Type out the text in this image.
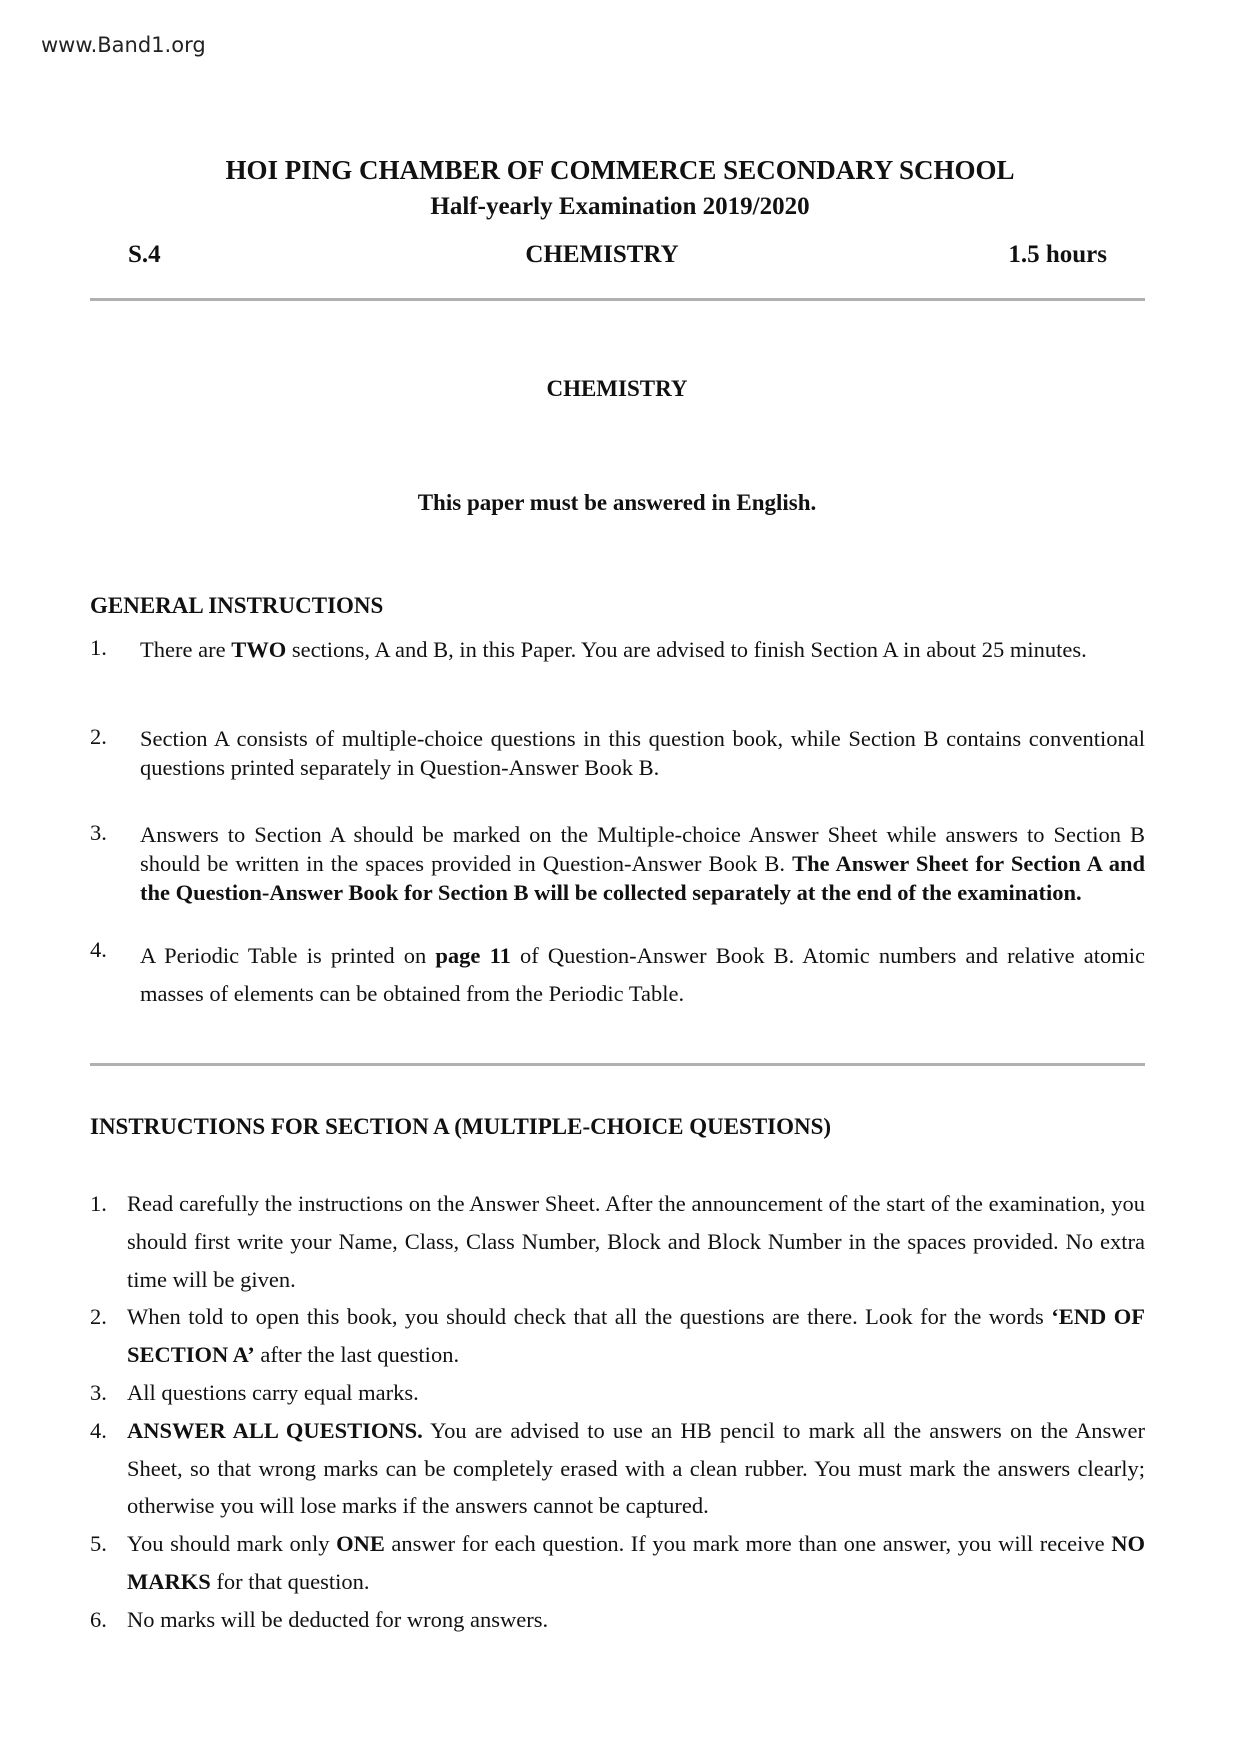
www.Band1.org
HOI PING CHAMBER OF COMMERCE SECONDARY SCHOOL
Half-yearly Examination 2019/2020
S.4	CHEMISTRY	1.5 hours
CHEMISTRY
This paper must be answered in English.
GENERAL INSTRUCTIONS
1. There are TWO sections, A and B, in this Paper. You are advised to finish Section A in about 25 minutes.
2. Section A consists of multiple-choice questions in this question book, while Section B contains conventional questions printed separately in Question-Answer Book B.
3. Answers to Section A should be marked on the Multiple-choice Answer Sheet while answers to Section B should be written in the spaces provided in Question-Answer Book B. The Answer Sheet for Section A and the Question-Answer Book for Section B will be collected separately at the end of the examination.
4. A Periodic Table is printed on page 11 of Question-Answer Book B. Atomic numbers and relative atomic masses of elements can be obtained from the Periodic Table.
INSTRUCTIONS FOR SECTION A (MULTIPLE-CHOICE QUESTIONS)
1. Read carefully the instructions on the Answer Sheet. After the announcement of the start of the examination, you should first write your Name, Class, Class Number, Block and Block Number in the spaces provided. No extra time will be given.
2. When told to open this book, you should check that all the questions are there. Look for the words ‘END OF SECTION A’ after the last question.
3. All questions carry equal marks.
4. ANSWER ALL QUESTIONS. You are advised to use an HB pencil to mark all the answers on the Answer Sheet, so that wrong marks can be completely erased with a clean rubber. You must mark the answers clearly; otherwise you will lose marks if the answers cannot be captured.
5. You should mark only ONE answer for each question. If you mark more than one answer, you will receive NO MARKS for that question.
6. No marks will be deducted for wrong answers.
